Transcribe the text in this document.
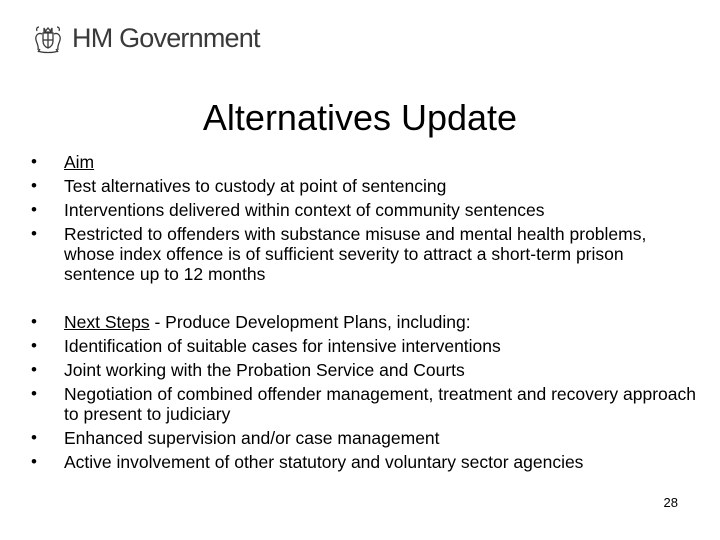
HM Government
Alternatives Update
• Aim
• Test alternatives to custody at point of sentencing
• Interventions delivered within context of community sentences
• Restricted to offenders with substance misuse and mental health problems, whose index offence is of sufficient severity to attract a short-term prison sentence up to 12 months
• Next Steps - Produce Development Plans, including:
• Identification of suitable cases for intensive interventions
• Joint working with the Probation Service and Courts
• Negotiation of combined offender management, treatment and recovery approach to present to judiciary
• Enhanced supervision and/or case management
• Active involvement of other statutory and voluntary sector agencies
28
